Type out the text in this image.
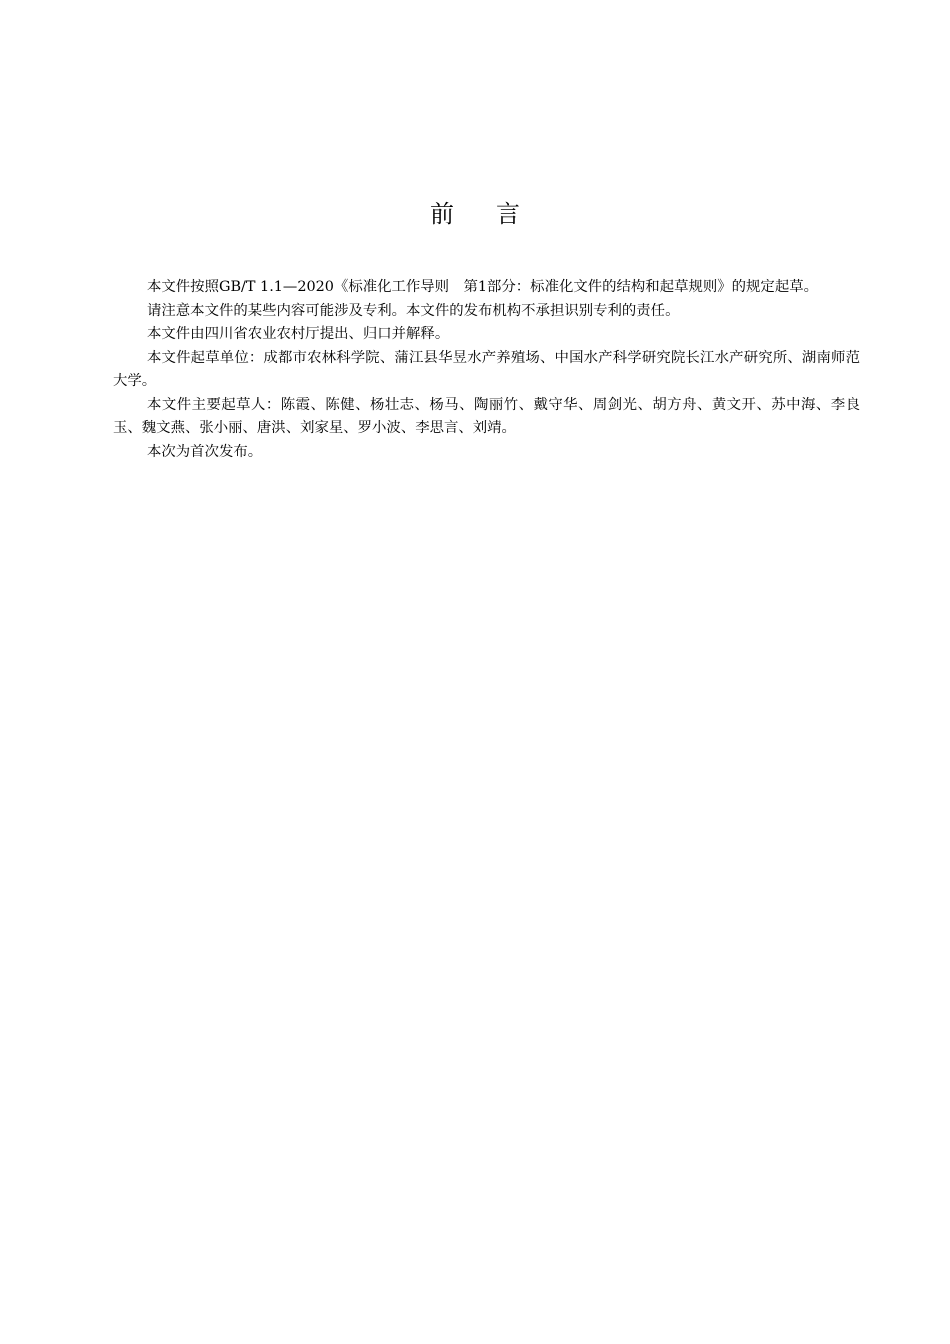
前 言

本文件按照GB/T 1.1—2020《标准化工作导则　第1部分：标准化文件的结构和起草规则》的规定起草。

请注意本文件的某些内容可能涉及专利。本文件的发布机构不承担识别专利的责任。

本文件由四川省农业农村厅提出、归口并解释。

本文件起草单位：成都市农林科学院、蒲江县华昱水产养殖场、中国水产科学研究院长江水产研究所、湖南师范大学。

本文件主要起草人：陈霞、陈健、杨壮志、杨马、陶丽竹、戴守华、周剑光、胡方舟、黄文开、苏中海、李良玉、魏文燕、张小丽、唐洪、刘家星、罗小波、李思言、刘靖。

本次为首次发布。
